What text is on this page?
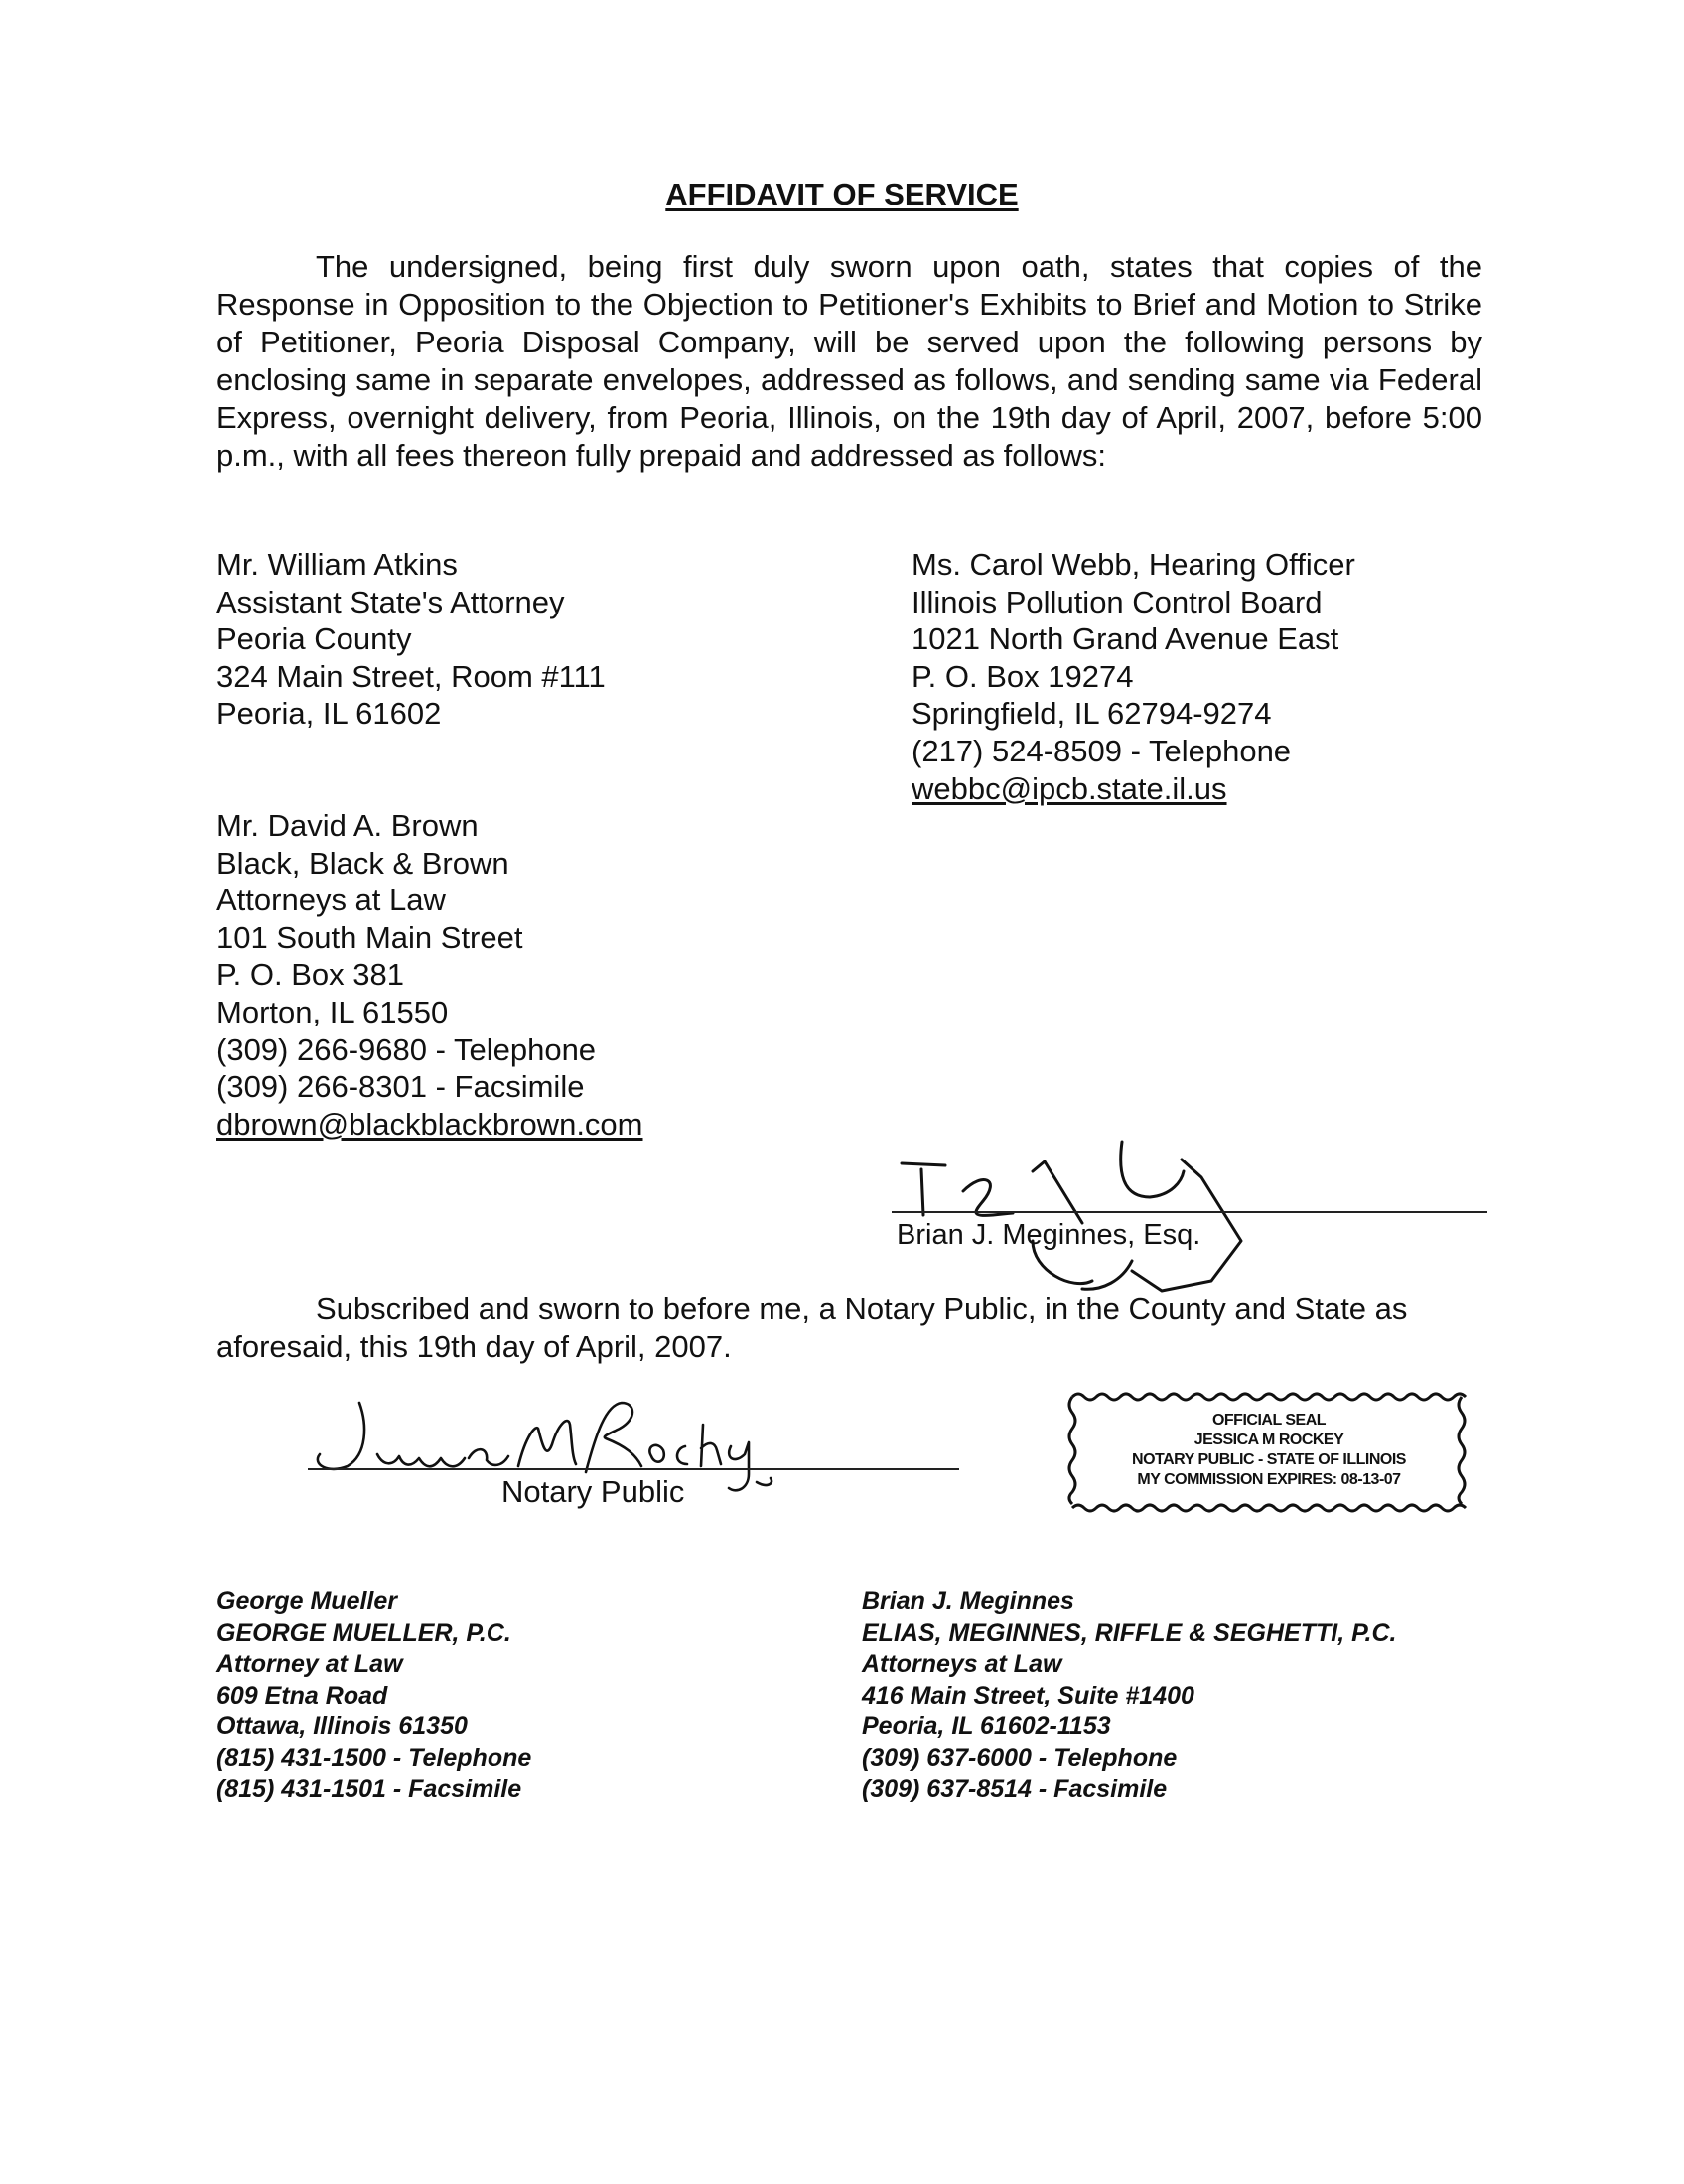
AFFIDAVIT OF SERVICE
The undersigned, being first duly sworn upon oath, states that copies of the Response in Opposition to the Objection to Petitioner's Exhibits to Brief and Motion to Strike of Petitioner, Peoria Disposal Company, will be served upon the following persons by enclosing same in separate envelopes, addressed as follows, and sending same via Federal Express, overnight delivery, from Peoria, Illinois, on the 19th day of April, 2007, before 5:00 p.m., with all fees thereon fully prepaid and addressed as follows:
Mr. William Atkins
Assistant State's Attorney
Peoria County
324 Main Street, Room #111
Peoria, IL 61602
Ms. Carol Webb, Hearing Officer
Illinois Pollution Control Board
1021 North Grand Avenue East
P. O. Box 19274
Springfield, IL 62794-9274
(217) 524-8509 - Telephone
webbc@ipcb.state.il.us
Mr. David A. Brown
Black, Black & Brown
Attorneys at Law
101 South Main Street
P. O. Box 381
Morton, IL 61550
(309) 266-9680 - Telephone
(309) 266-8301 - Facsimile
dbrown@blackblackbrown.com
Brian J. Meginnes, Esq.
Subscribed and sworn to before me, a Notary Public, in the County and State as
aforesaid, this 19th day of April, 2007.
Notary Public
OFFICIAL SEAL
JESSICA M ROCKEY
NOTARY PUBLIC - STATE OF ILLINOIS
MY COMMISSION EXPIRES: 08-13-07
George Mueller
GEORGE MUELLER, P.C.
Attorney at Law
609 Etna Road
Ottawa, Illinois 61350
(815) 431-1500 - Telephone
(815) 431-1501 - Facsimile
Brian J. Meginnes
ELIAS, MEGINNES, RIFFLE & SEGHETTI, P.C.
Attorneys at Law
416 Main Street, Suite #1400
Peoria, IL 61602-1153
(309) 637-6000 - Telephone
(309) 637-8514 - Facsimile
